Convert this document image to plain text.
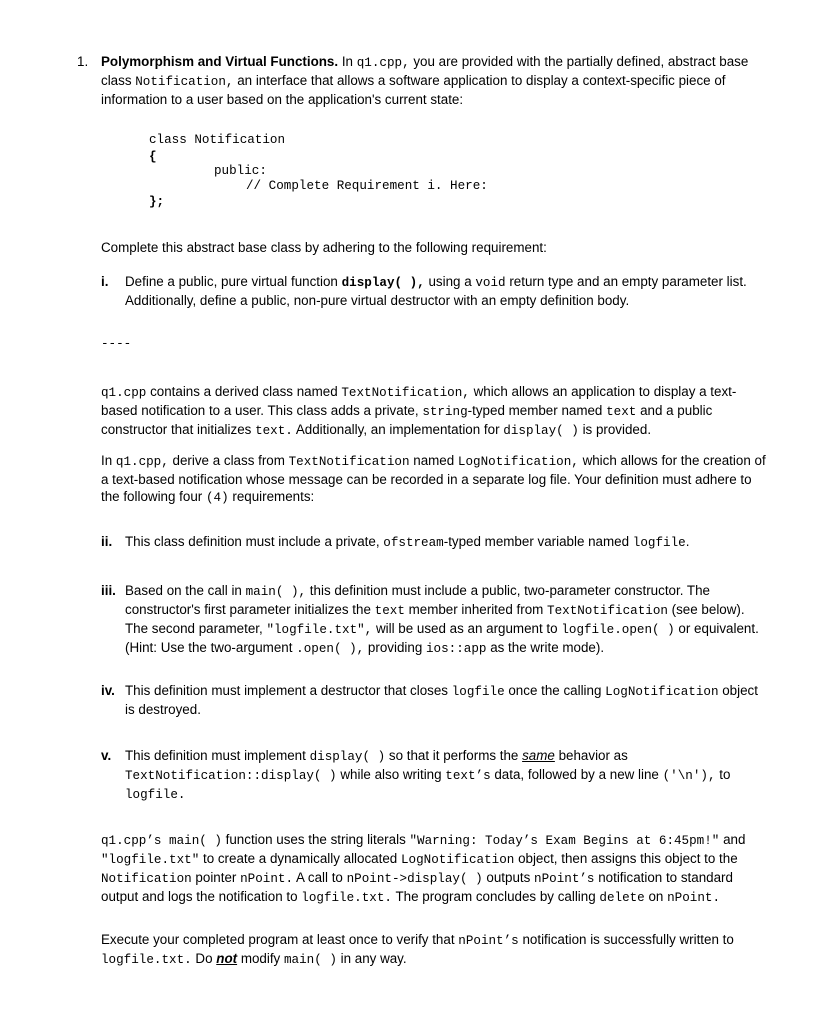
1. Polymorphism and Virtual Functions. In q1.cpp, you are provided with the partially defined, abstract base class Notification, an interface that allows a software application to display a context-specific piece of information to a user based on the application's current state:
class Notification
{
public:
// Complete Requirement i. Here:
};
Complete this abstract base class by adhering to the following requirement:
i. Define a public, pure virtual function display( ), using a void return type and an empty parameter list. Additionally, define a public, non-pure virtual destructor with an empty definition body.
----
q1.cpp contains a derived class named TextNotification, which allows an application to display a text-based notification to a user. This class adds a private, string-typed member named text and a public constructor that initializes text. Additionally, an implementation for display( ) is provided.
In q1.cpp, derive a class from TextNotification named LogNotification, which allows for the creation of a text-based notification whose message can be recorded in a separate log file. Your definition must adhere to the following four (4) requirements:
ii. This class definition must include a private, ofstream-typed member variable named logfile.
iii. Based on the call in main( ), this definition must include a public, two-parameter constructor. The constructor's first parameter initializes the text member inherited from TextNotification (see below). The second parameter, "logfile.txt", will be used as an argument to logfile.open( ) or equivalent. (Hint: Use the two-argument .open( ), providing ios::app as the write mode).
iv. This definition must implement a destructor that closes logfile once the calling LogNotification object is destroyed.
v. This definition must implement display( ) so that it performs the same behavior as TextNotification::display( ) while also writing text’s data, followed by a new line ('\n'), to logfile.
q1.cpp’s main( ) function uses the string literals "Warning: Today’s Exam Begins at 6:45pm!" and "logfile.txt" to create a dynamically allocated LogNotification object, then assigns this object to the Notification pointer nPoint. A call to nPoint->display( ) outputs nPoint’s notification to standard output and logs the notification to logfile.txt. The program concludes by calling delete on nPoint.
Execute your completed program at least once to verify that nPoint’s notification is successfully written to logfile.txt. Do not modify main( ) in any way.
